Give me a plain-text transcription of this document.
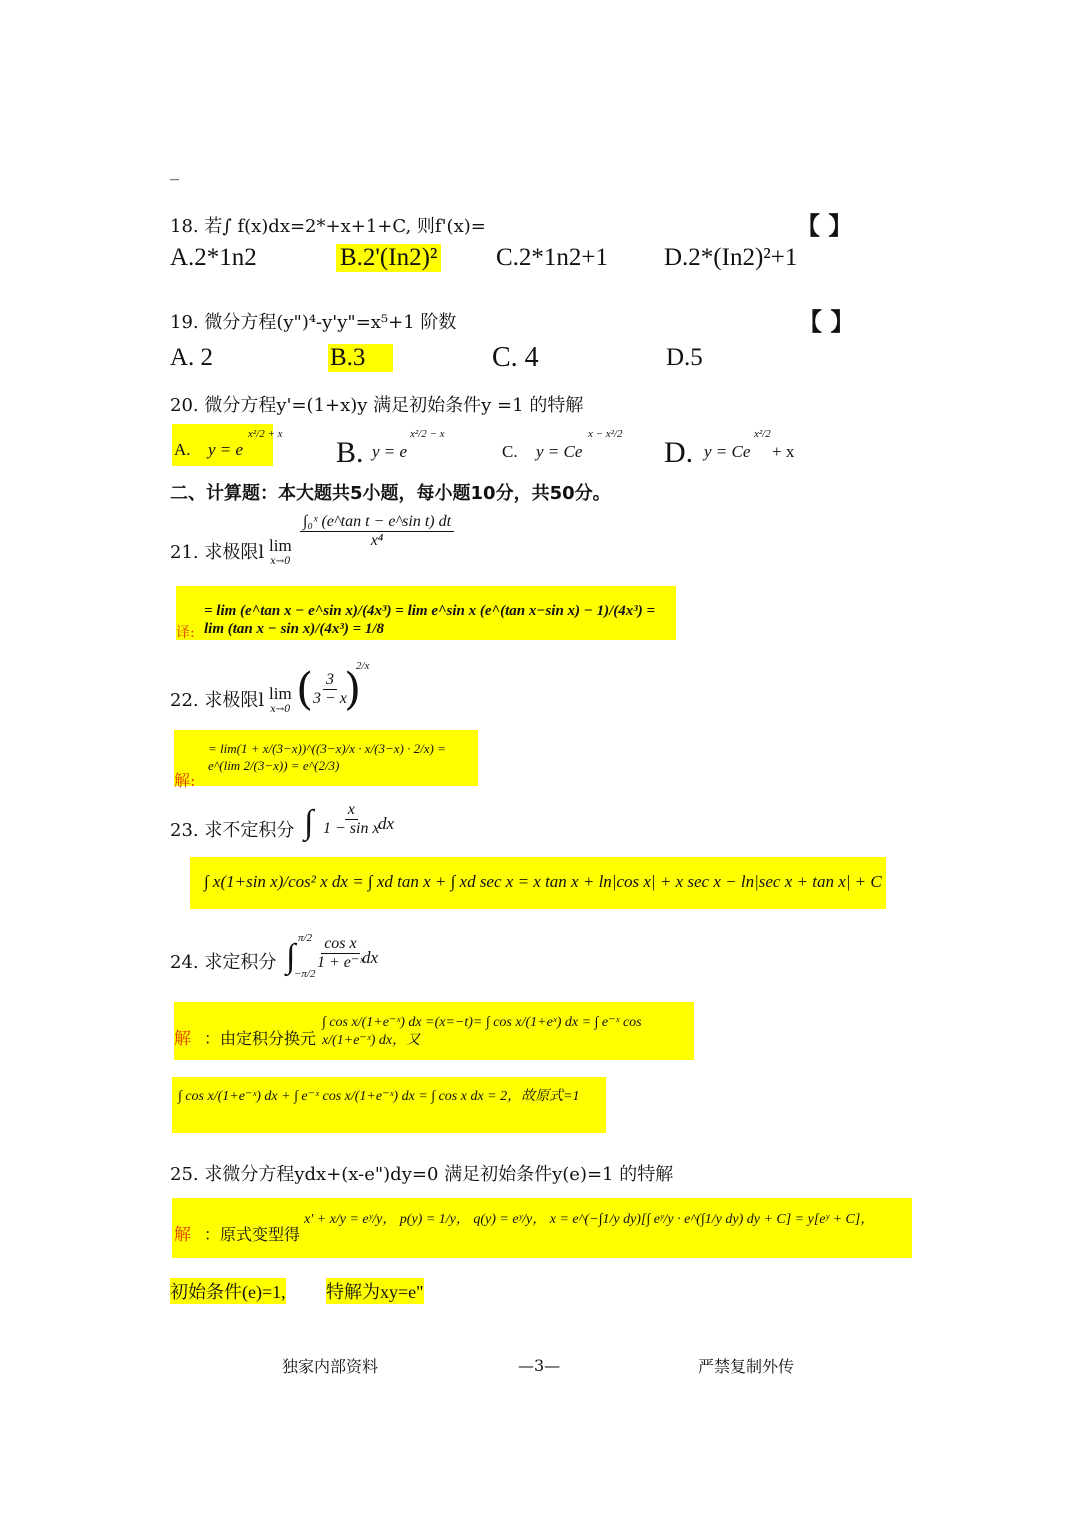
_
18. 若∫ f(x)dx=2*+x+1+C, 则f'(x)=	【 】
A.2*1n2	B.2'(In2)² C.2*1n2+1 D.2*(In2)²+1
19. 微分方程(y")⁴-y'y"=x⁵+1 阶数	【 】
A. 2	B.3	C. 4	D.5
20. 微分方程y'=(1+x)y 满足初始条件y =1 的特解
A. y = e
x²/2 + x
B. y = e
x²/2 − x
C. y = Ce
x − x²/2
D. y = Ce
x²/2
+ x
二、计算题：本大题共5小题，每小题10分，共50分。
21. 求极限l lim
x→0
∫₀ˣ (e^tan t − e^sin t) dt
x⁴
译:
= lim (e^tan x − e^sin x)/(4x³) = lim e^sin x (e^(tan x−sin x) − 1)/(4x³) = lim (tan x − sin x)/(4x³) = 1/8
22. 求极限l lim
x→0 ( 3
3 − x
)
2/x
解:
= lim(1 + x/(3−x))^((3−x)/x · x/(3−x) · 2/x) = e^(lim 2/(3−x)) = e^(2/3)
23. 求不定积分 ∫ x
1 − sin x
dx
∫ x(1+sin x)/cos² x dx = ∫ xd tan x + ∫ xd sec x = x tan x + ln|cos x| + x sec x − ln|sec x + tan x| + C
24. 求定积分 ∫ π/2
−π/2
cos x
1 + e⁻ˣ
dx
解 ：由定积分换元
∫ cos x/(1+e⁻ˣ) dx =(x=−t)= ∫ cos x/(1+eˣ) dx = ∫ e⁻ˣ cos x/(1+e⁻ˣ) dx，又
∫ cos x/(1+e⁻ˣ) dx + ∫ e⁻ˣ cos x/(1+e⁻ˣ) dx = ∫ cos x dx = 2，故原式=1
25. 求微分方程ydx+(x-e")dy=0 满足初始条件y(e)=1 的特解
解 ：原式变型得
x' + x/y = eʸ/y， p(y) = 1/y， q(y) = eʸ/y， x = e^(−∫1/y dy)[∫ eʸ/y · e^(∫1/y dy) dy + C] = y[eʸ + C]，
初始条件(e)=1, 特解为xy=e"
独家内部资料	—3—	严禁复制外传
